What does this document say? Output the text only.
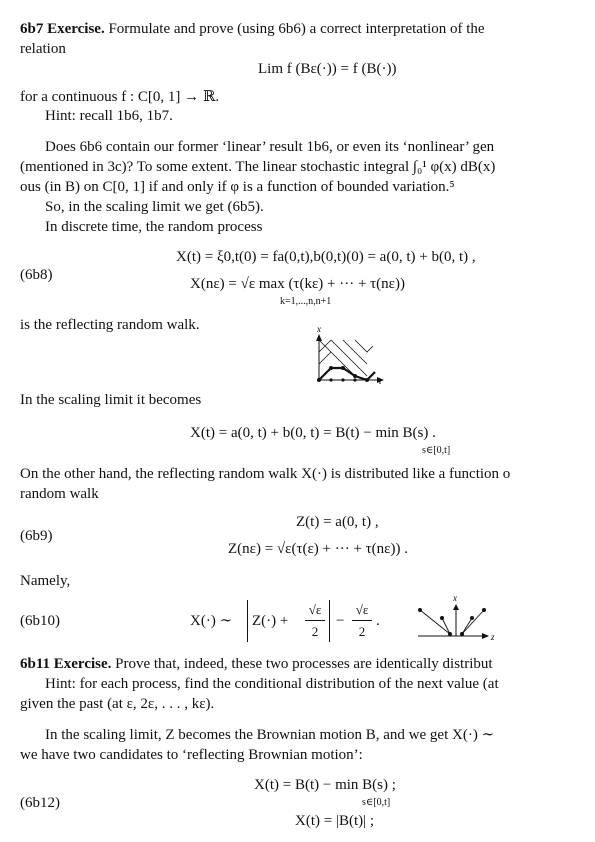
6b7 Exercise. Formulate and prove (using 6b6) a correct interpretation of the
relation
Lim f (Bε(·)) = f (B(·))
for a continuous f : C[0, 1] → ℝ.
Hint: recall 1b6, 1b7.
Does 6b6 contain our former ‘linear’ result 1b6, or even its ‘nonlinear’ gen
(mentioned in 3c)? To some extent. The linear stochastic integral ∫₀¹ φ(x) dB(x)
ous (in B) on C[0, 1] if and only if φ is a function of bounded variation.⁵
So, in the scaling limit we get (6b5).
In discrete time, the random process
(6b8)
X(t) = ξ0,t(0) = fa(0,t),b(0,t)(0) = a(0, t) + b(0, t) ,
X(nε) = √ε max (τ(kε) + ··· + τ(nε))
k=1,...,n,n+1
is the reflecting random walk.	x
t
In the scaling limit it becomes
X(t) = a(0, t) + b(0, t) = B(t) − min B(s) .
s∈[0,t]
On the other hand, the reflecting random walk X(·) is distributed like a function o
random walk
(6b9)
Z(t) = a(0, t) ,
Z(nε) = √ε(τ(ε) + ··· + τ(nε)) .
Namely,
(6b10)	X(·) ∼ Z(·) +
√ε
2
−
√ε
2
.
x
z
6b11 Exercise. Prove that, indeed, these two processes are identically distribut
Hint: for each process, find the conditional distribution of the next value (at
given the past (at ε, 2ε, . . . , kε).
In the scaling limit, Z becomes the Brownian motion B, and we get X(·) ∼
we have two candidates to ‘reflecting Brownian motion’:
(6b12)
X(t) = B(t) − min B(s) ;
s∈[0,t]
X(t) = |B(t)| ;
